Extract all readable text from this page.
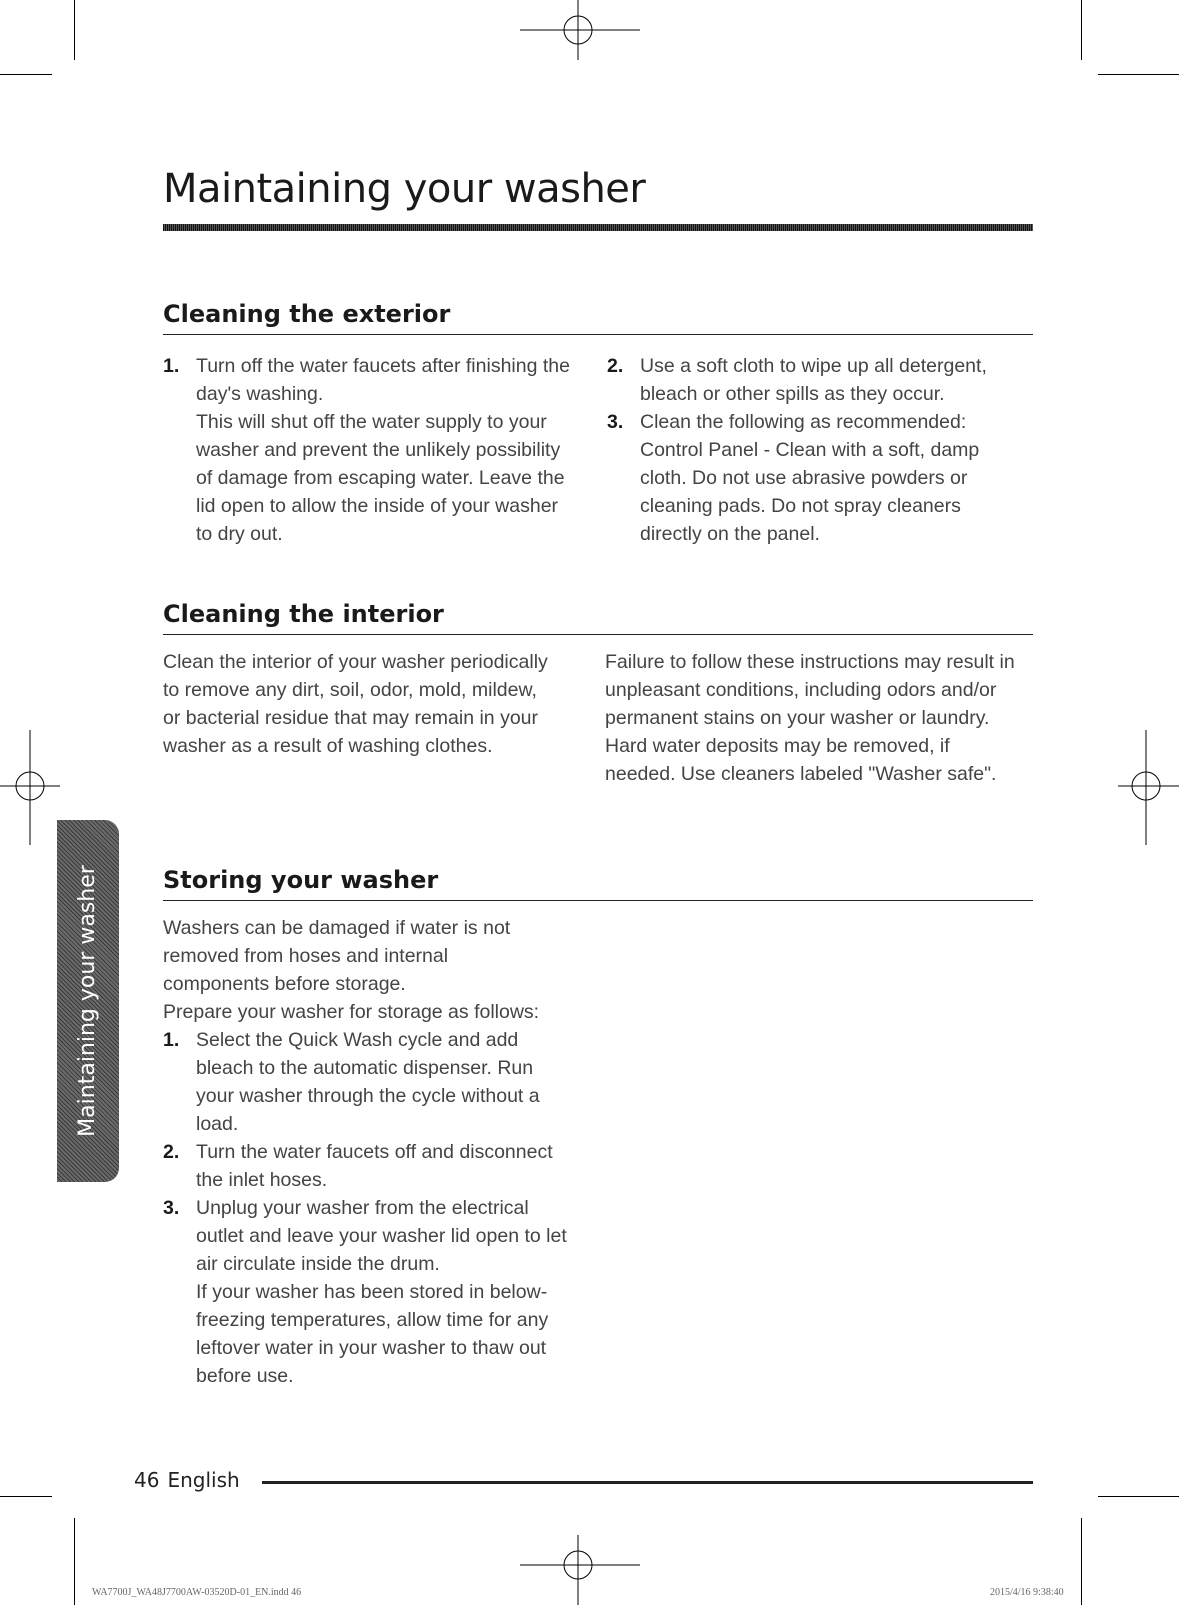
Maintaining your washer
Maintaining your washer
Cleaning the exterior
1. Turn off the water faucets after finishing the day's washing.
This will shut off the water supply to your washer and prevent the unlikely possibility of damage from escaping water. Leave the lid open to allow the inside of your washer to dry out.
2. Use a soft cloth to wipe up all detergent, bleach or other spills as they occur.
3. Clean the following as recommended:
Control Panel - Clean with a soft, damp cloth. Do not use abrasive powders or cleaning pads. Do not spray cleaners directly on the panel.
Cleaning the interior

Clean the interior of your washer periodically to remove any dirt, soil, odor, mold, mildew, or bacterial residue that may remain in your washer as a result of washing clothes.

Failure to follow these instructions may result in unpleasant conditions, including odors and/or permanent stains on your washer or laundry.

Hard water deposits may be removed, if needed. Use cleaners labeled "Washer safe".

Storing your washer

Washers can be damaged if water is not removed from hoses and internal components before storage.

Prepare your washer for storage as follows:

1. Select the Quick Wash cycle and add bleach to the automatic dispenser. Run your washer through the cycle without a load.
2. Turn the water faucets off and disconnect the inlet hoses.
3. Unplug your washer from the electrical outlet and leave your washer lid open to let air circulate inside the drum.
If your washer has been stored in below-freezing temperatures, allow time for any leftover water in your washer to thaw out before use.
46 English
WA7700J_WA48J7700AW-03520D-01_EN.indd 46	2015/4/16 9:38:40
